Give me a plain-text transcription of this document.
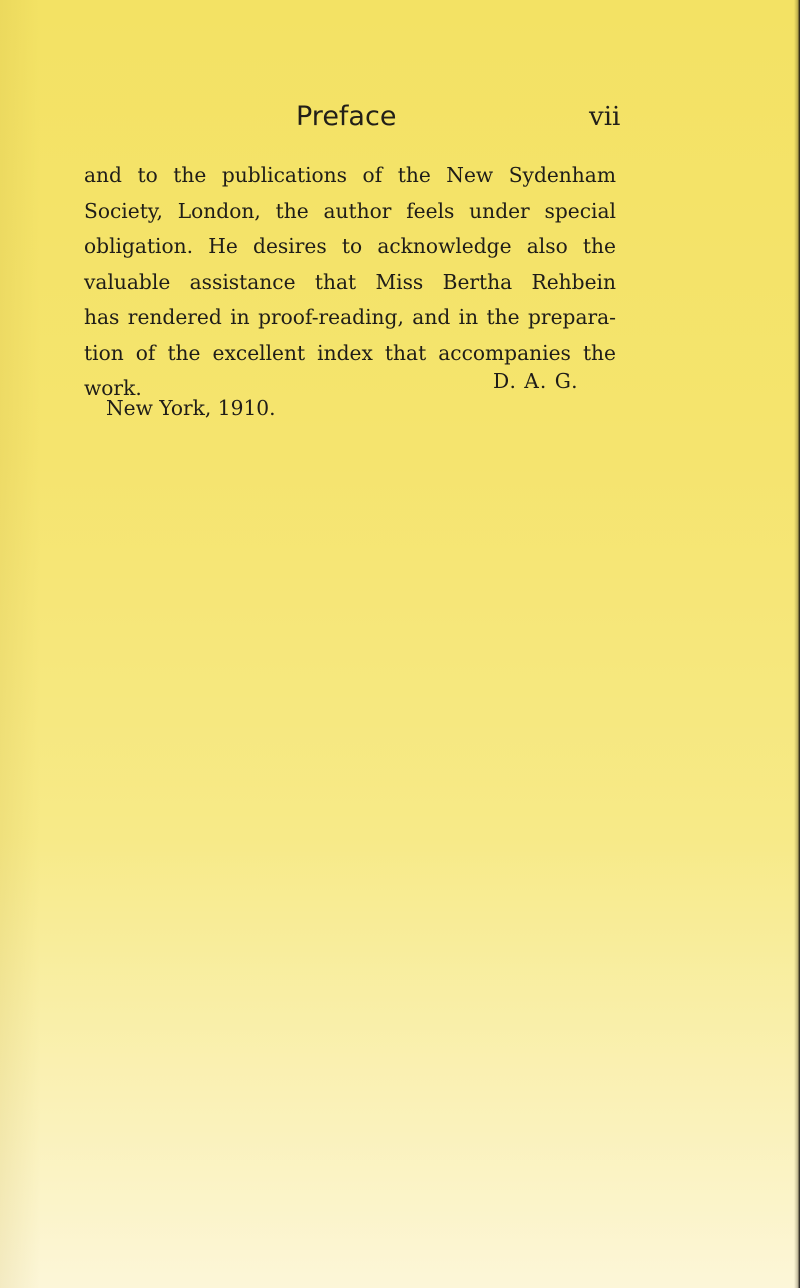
Preface	vii

and to the publications of the New Sydenham
Society, London, the author feels under special
obligation. He desires to acknowledge also the
valuable assistance that Miss Bertha Rehbein
has rendered in proof-reading, and in the prepara-
tion of the excellent index that accompanies the
work.	D. A. G.
New York, 1910.
